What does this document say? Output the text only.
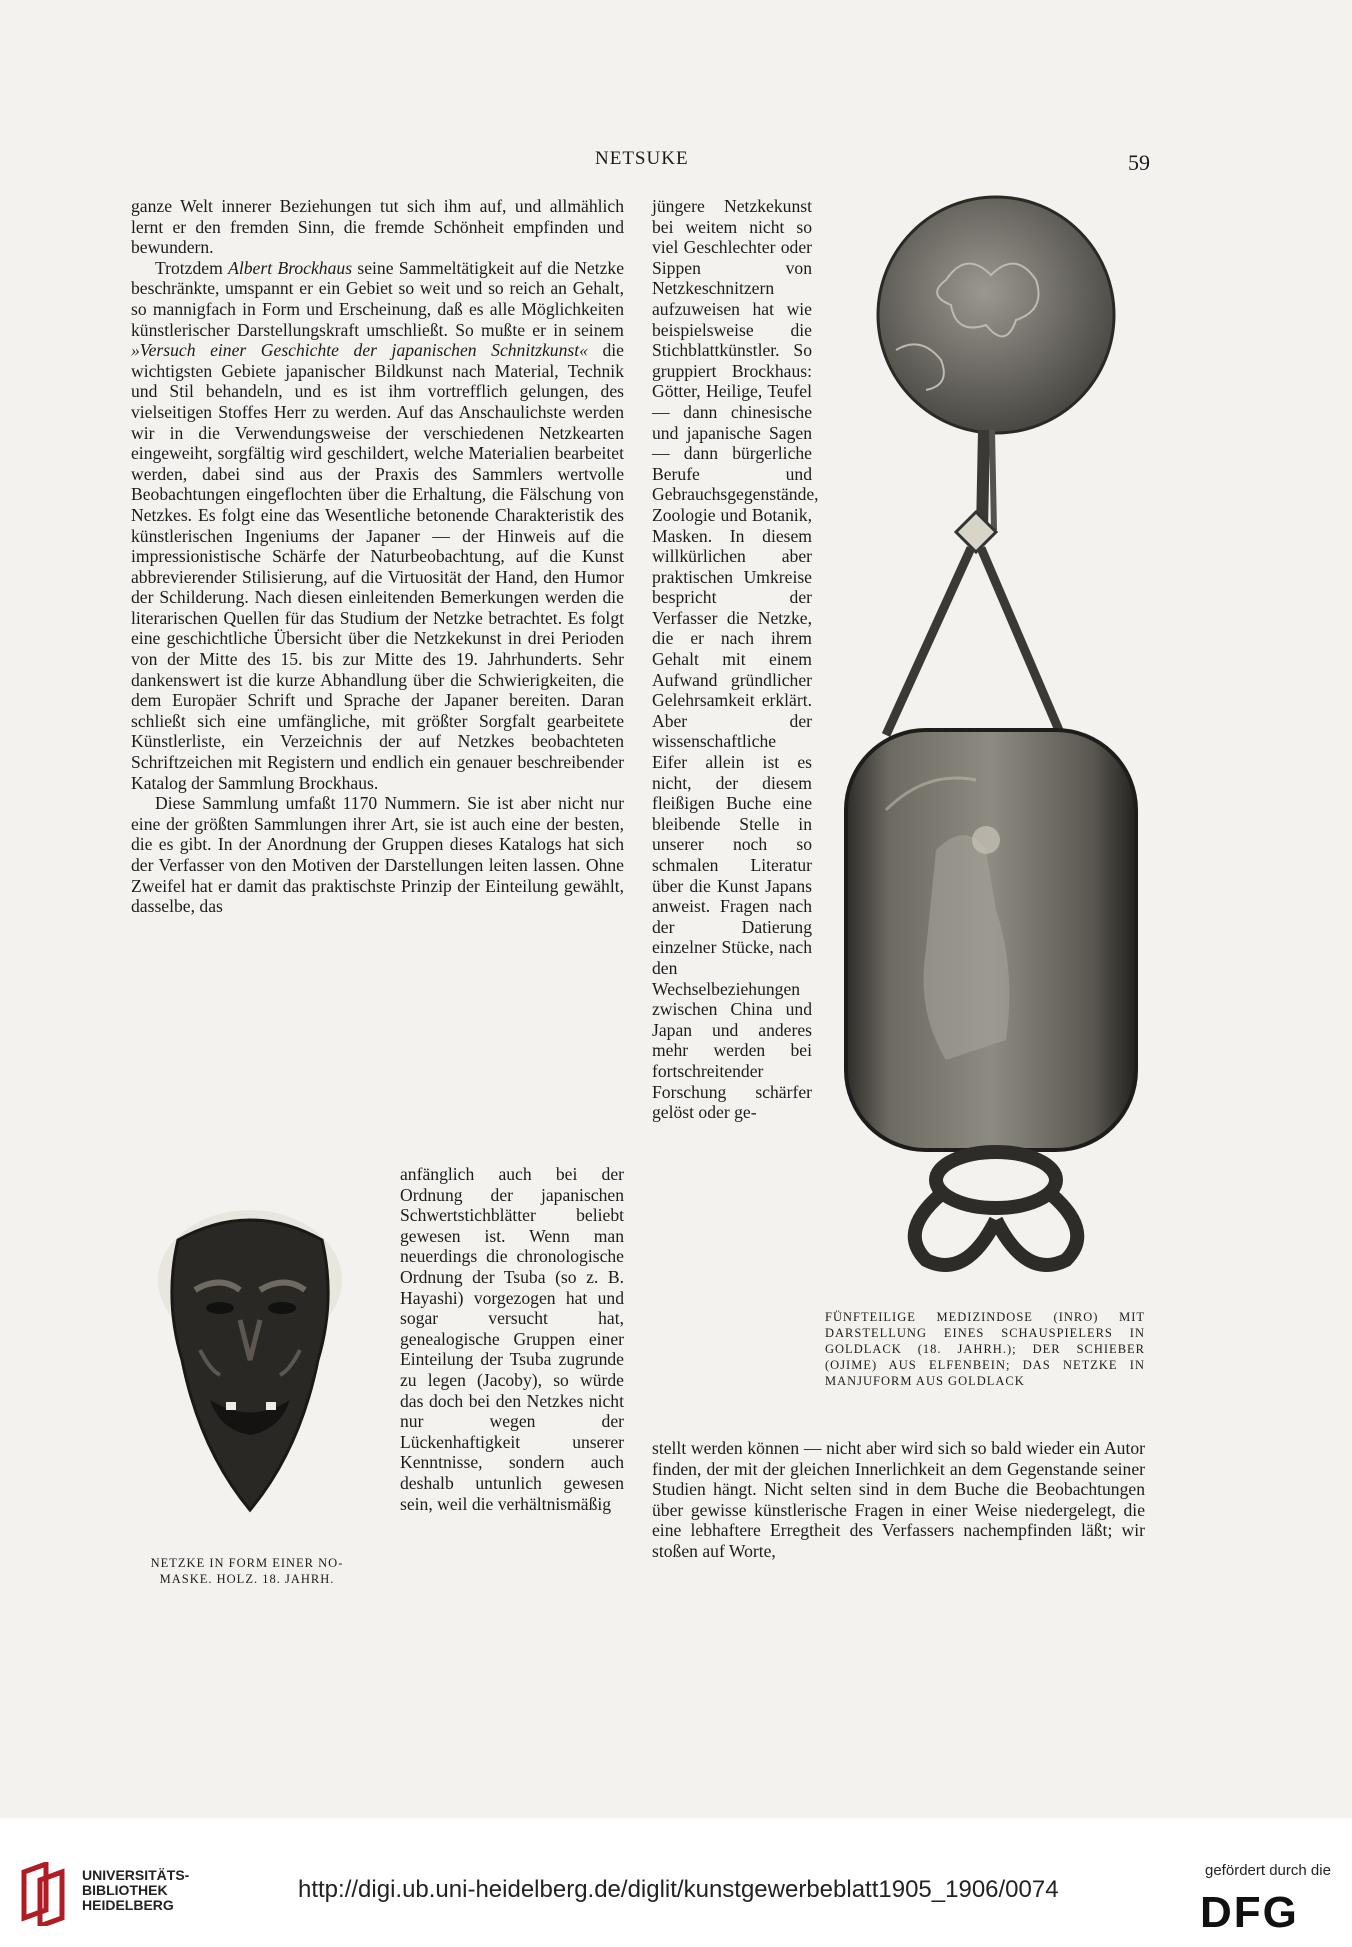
NETSUKE	59

ganze Welt innerer Beziehungen tut sich ihm auf, und allmählich lernt er den fremden Sinn, die fremde Schönheit empfinden und bewundern.

Trotzdem Albert Brockhaus seine Sammeltätigkeit auf die Netzke beschränkte, umspannt er ein Gebiet so weit und so reich an Gehalt, so mannigfach in Form und Erscheinung, daß es alle Möglichkeiten künstlerischer Darstellungskraft umschließt. So mußte er in seinem »Versuch einer Geschichte der japanischen Schnitzkunst« die wichtigsten Gebiete japanischer Bildkunst nach Material, Technik und Stil behandeln, und es ist ihm vortrefflich gelungen, des vielseitigen Stoffes Herr zu werden. Auf das Anschaulichste werden wir in die Verwendungsweise der verschiedenen Netzkearten eingeweiht, sorgfältig wird geschildert, welche Materialien bearbeitet werden, dabei sind aus der Praxis des Sammlers wertvolle Beobachtungen eingeflochten über die Erhaltung, die Fälschung von Netzkes. Es folgt eine das Wesentliche betonende Charakteristik des künstlerischen Ingeniums der Japaner — der Hinweis auf die impressionistische Schärfe der Naturbeobachtung, auf die Kunst abbrevierender Stilisierung, auf die Virtuosität der Hand, den Humor der Schilderung. Nach diesen einleitenden Bemerkungen werden die literarischen Quellen für das Studium der Netzke betrachtet. Es folgt eine geschichtliche Übersicht über die Netzkekunst in drei Perioden von der Mitte des 15. bis zur Mitte des 19. Jahrhunderts. Sehr dankenswert ist die kurze Abhandlung über die Schwierigkeiten, die dem Europäer Schrift und Sprache der Japaner bereiten. Daran schließt sich eine umfängliche, mit größter Sorgfalt gearbeitete Künstlerliste, ein Verzeichnis der auf Netzkes beobachteten Schriftzeichen mit Registern und endlich ein genauer beschreibender Katalog der Sammlung Brockhaus.

Diese Sammlung umfaßt 1170 Nummern. Sie ist aber nicht nur eine der größten Sammlungen ihrer Art, sie ist auch eine der besten, die es gibt. In der Anordnung der Gruppen dieses Katalogs hat sich der Verfasser von den Motiven der Darstellungen leiten lassen. Ohne Zweifel hat er damit das praktischste Prinzip der Einteilung gewählt, dasselbe, das

anfänglich auch bei der Ordnung der japanischen Schwertstichblätter beliebt gewesen ist. Wenn man neuerdings die chronologische Ordnung der Tsuba (so z. B. Hayashi) vorgezogen hat und sogar versucht hat, genealogische Gruppen einer Einteilung der Tsuba zugrunde zu legen (Jacoby), so würde das doch bei den Netzkes nicht nur wegen der Lückenhaftigkeit unserer Kenntnisse, sondern auch deshalb untunlich gewesen sein, weil die verhältnismäßig

jüngere Netzkekunst bei weitem nicht so viel Geschlechter oder Sippen von Netzkeschnitzern aufzuweisen hat wie beispielsweise die Stichblattkünstler. So gruppiert Brockhaus: Götter, Heilige, Teufel — dann chinesische und japanische Sagen — dann bürgerliche Berufe und Gebrauchsgegenstände, Zoologie und Botanik, Masken. In diesem willkürlichen aber praktischen Umkreise bespricht der Verfasser die Netzke, die er nach ihrem Gehalt mit einem Aufwand gründlicher Gelehrsamkeit erklärt. Aber der wissenschaftliche Eifer allein ist es nicht, der diesem fleißigen Buche eine bleibende Stelle in unserer noch so schmalen Literatur über die Kunst Japans anweist. Fragen nach der Datierung einzelner Stücke, nach den Wechselbeziehungen zwischen China und Japan und anderes mehr werden bei fortschreitender Forschung schärfer gelöst oder ge-

stellt werden können — nicht aber wird sich so bald wieder ein Autor finden, der mit der gleichen Innerlichkeit an dem Gegenstande seiner Studien hängt. Nicht selten sind in dem Buche die Beobachtungen über gewisse künstlerische Fragen in einer Weise niedergelegt, die eine lebhaftere Erregtheit des Verfassers nachempfinden läßt; wir stoßen auf Worte,

FÜNFTEILIGE MEDIZINDOSE (INRO) MIT DARSTELLUNG EINES SCHAUSPIELERS IN GOLDLACK (18. JAHRH.); DER SCHIEBER (OJIME) AUS ELFENBEIN; DAS NETZKE IN MANJUFORM AUS GOLDLACK
NETZKE IN FORM EINER NO-MASKE. HOLZ. 18. JAHRH.
UNIVERSITÄTS-
BIBLIOTHEK
HEIDELBERG
http://digi.ub.uni-heidelberg.de/diglit/kunstgewerbeblatt1905_1906/0074
gefördert durch die
DFG
